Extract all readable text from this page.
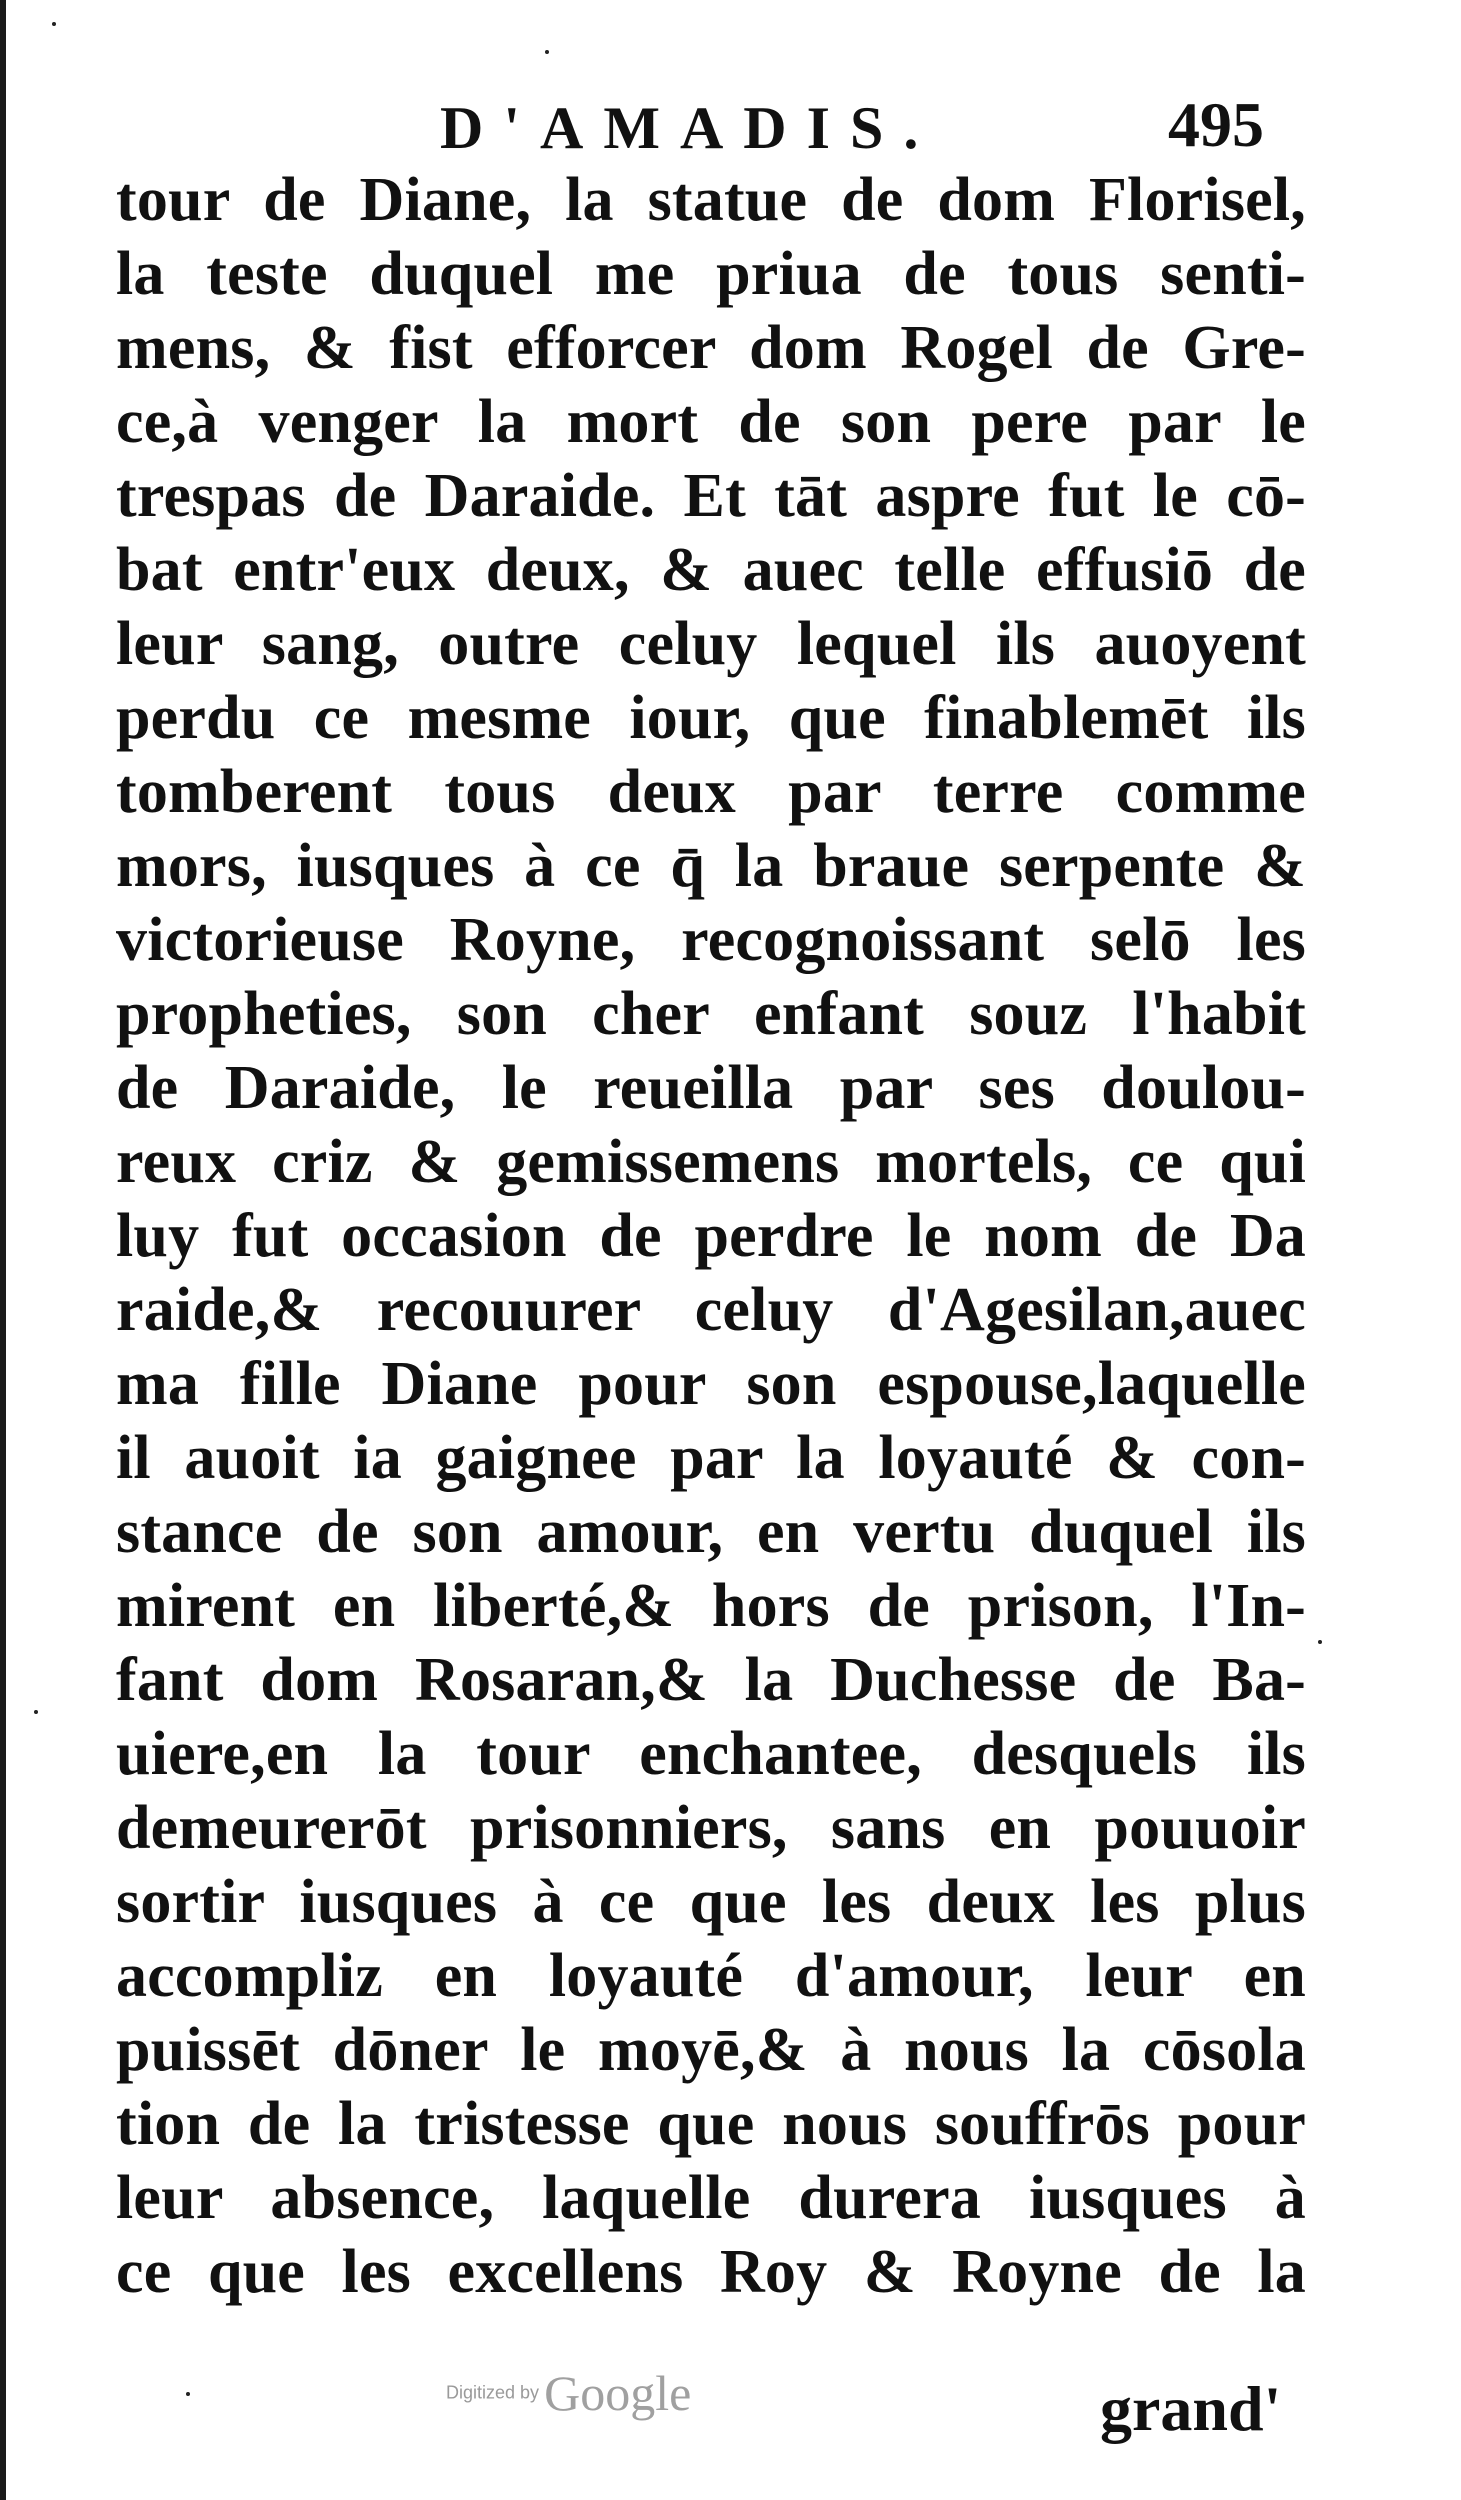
D'AMADIS.	495
tour de Diane, la statue de dom Florisel,
la teste duquel me priua de tous senti-
mens, & fist efforcer dom Rogel de Gre-
ce,à venger la mort de son pere par le
trespas de Daraide. Et tāt aspre fut le cō-
bat entr'eux deux, & auec telle effusiō de
leur sang, outre celuy lequel ils auoyent
perdu ce mesme iour, que finablemēt ils
tomberent tous deux par terre comme
mors, iusques à ce q̄ la braue serpente &
victorieuse Royne, recognoissant selō les
propheties, son cher enfant souz l'habit
de Daraide, le reueilla par ses doulou-
reux criz & gemissemens mortels, ce qui
luy fut occasion de perdre le nom de Da
raide,& recouurer celuy d'Agesilan,auec
ma fille Diane pour son espouse,laquelle
il auoit ia gaignee par la loyauté & con-
stance de son amour, en vertu duquel ils
mirent en liberté,& hors de prison, l'In-
fant dom Rosaran,& la Duchesse de Ba-
uiere,en la tour enchantee, desquels ils
demeurerōt prisonniers, sans en pouuoir
sortir iusques à ce que les deux les plus
accompliz en loyauté d'amour, leur en
puissēt dōner le moyē,& à nous la cōsola
tion de la tristesse que nous souffrōs pour
leur absence, laquelle durera iusques à
ce que les excellens Roy & Royne de la
Digitized by Google	grand'
